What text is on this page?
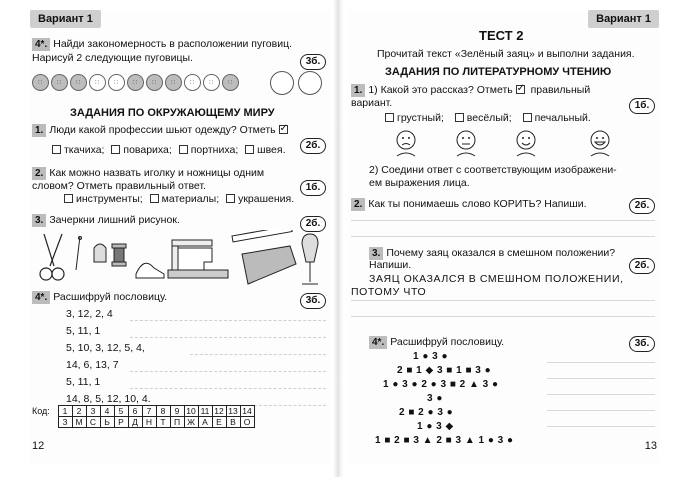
Вариант 1
4*. Найди закономерность в расположении пуговиц.
Нарисуй 2 следующие пуговицы.	3б.
∷ ∷ ∷ ∷ ∷ ∷ ∷ ∷ ∷ ∷ ∷
ЗАДАНИЯ ПО ОКРУЖАЮЩЕМУ МИРУ
1. Люди какой профессии шьют одежду? Отметь ✓
2б.
ткачиха; повариха; портниха; швея.
2. Как можно назвать иголку и ножницы одним
словом? Отметь правильный ответ.	1б.
инструменты; материалы; украшения.
3. Зачеркни лишний рисунок.	2б.
4*. Расшифруй пословицу.	3б.
3, 12, 2, 4
5, 11, 1
5, 10, 3, 12, 5, 4,
14, 6, 13, 7
5, 11, 1
14, 8, 5, 12, 10, 4.
Код:	1	2	3	4	5	6	7	8	9	10	11	12	13	14
	З	М	С	Ь	Р	Д	Н	Т	П	Ж	А	Е	В	О
12
Вариант 1
ТЕСТ 2
Прочитай текст «Зелёный заяц» и выполни задания.
ЗАДАНИЯ ПО ЛИТЕРАТУРНОМУ ЧТЕНИЮ
1. 1) Какой это рассказ? Отметь ✓ правильный
вариант.	1б.
грустный; весёлый; печальный.
2) Соедини ответ с соответствующим изображени-
ем выражения лица.
2. Как ты понимаешь слово КОРИТЬ? Напиши.	2б.
3. Почему заяц оказался в смешном положении?
Напиши.	2б.
ЗАЯЦ ОКАЗАЛСЯ В СМЕШНОМ ПОЛОЖЕНИИ,
ПОТОМУ ЧТО
4*. Расшифруй пословицу.	3б.
1 ● 3 ●
2 ■ 1 ◆ 3 ■ 1 ■ 3 ●
1 ● 3 ● 2 ● 3 ■ 2 ▲ 3 ●
3 ●
2 ■ 2 ● 3 ●
1 ● 3 ◆
1 ■ 2 ■ 3 ▲ 2 ■ 3 ▲ 1 ● 3 ●	13
